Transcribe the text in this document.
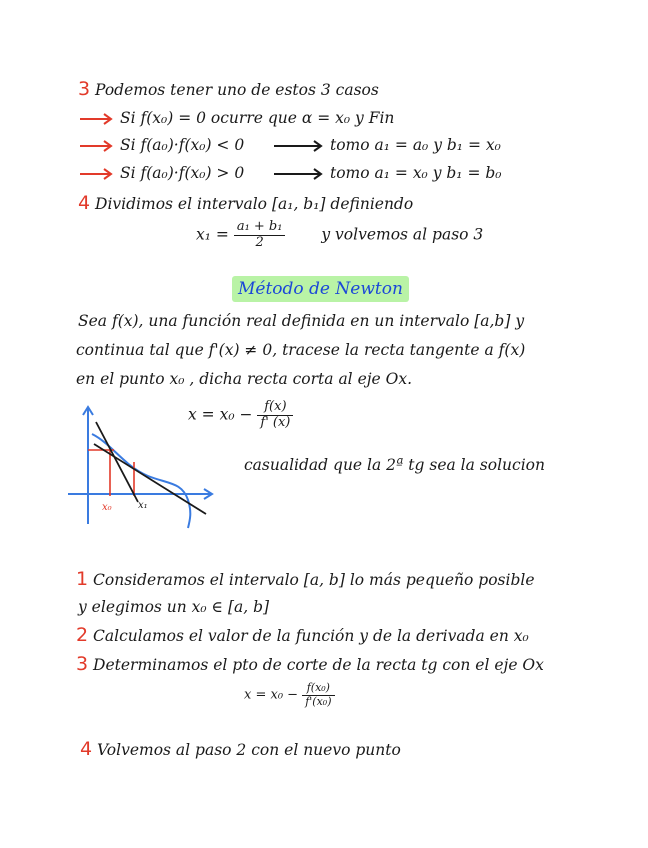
3 Podemos tener uno de estos 3 casos
Si f(x₀) = 0 ocurre que α = x₀ y Fin
Si f(a₀)·f(x₀) < 0	tomo a₁ = a₀ y b₁ = x₀
Si f(a₀)·f(x₀) > 0	tomo a₁ = x₀ y b₁ = b₀
4 Dividimos el intervalo [a₁, b₁] definiendo
$x_1 = \frac{\text{a₁ + b₁}}{2}$ y volvemos al paso 3
Método de Newton
Sea f(x), una función real definida en un intervalo [a,b] y
continua tal que f'(x) ≠ 0, tracese la recta tangente a f(x)
en el punto x₀ , dicha recta corta al eje Ox.
x₀	x₁
$x = x_0 - \frac{f(x)}{f' (x)}$
casualidad que la 2ª tg sea la solucion
1 Consideramos el intervalo [a, b] lo más pequeño posible
y elegimos un x₀ ∈ [a, b]
2 Calculamos el valor de la función y de la derivada en x₀
3 Determinamos el pto de corte de la recta tg con el eje Ox
$x = x_0 - \frac{\text{f(x₀)}}{\text{f'(x₀)}}$
4 Volvemos al paso 2 con el nuevo punto
